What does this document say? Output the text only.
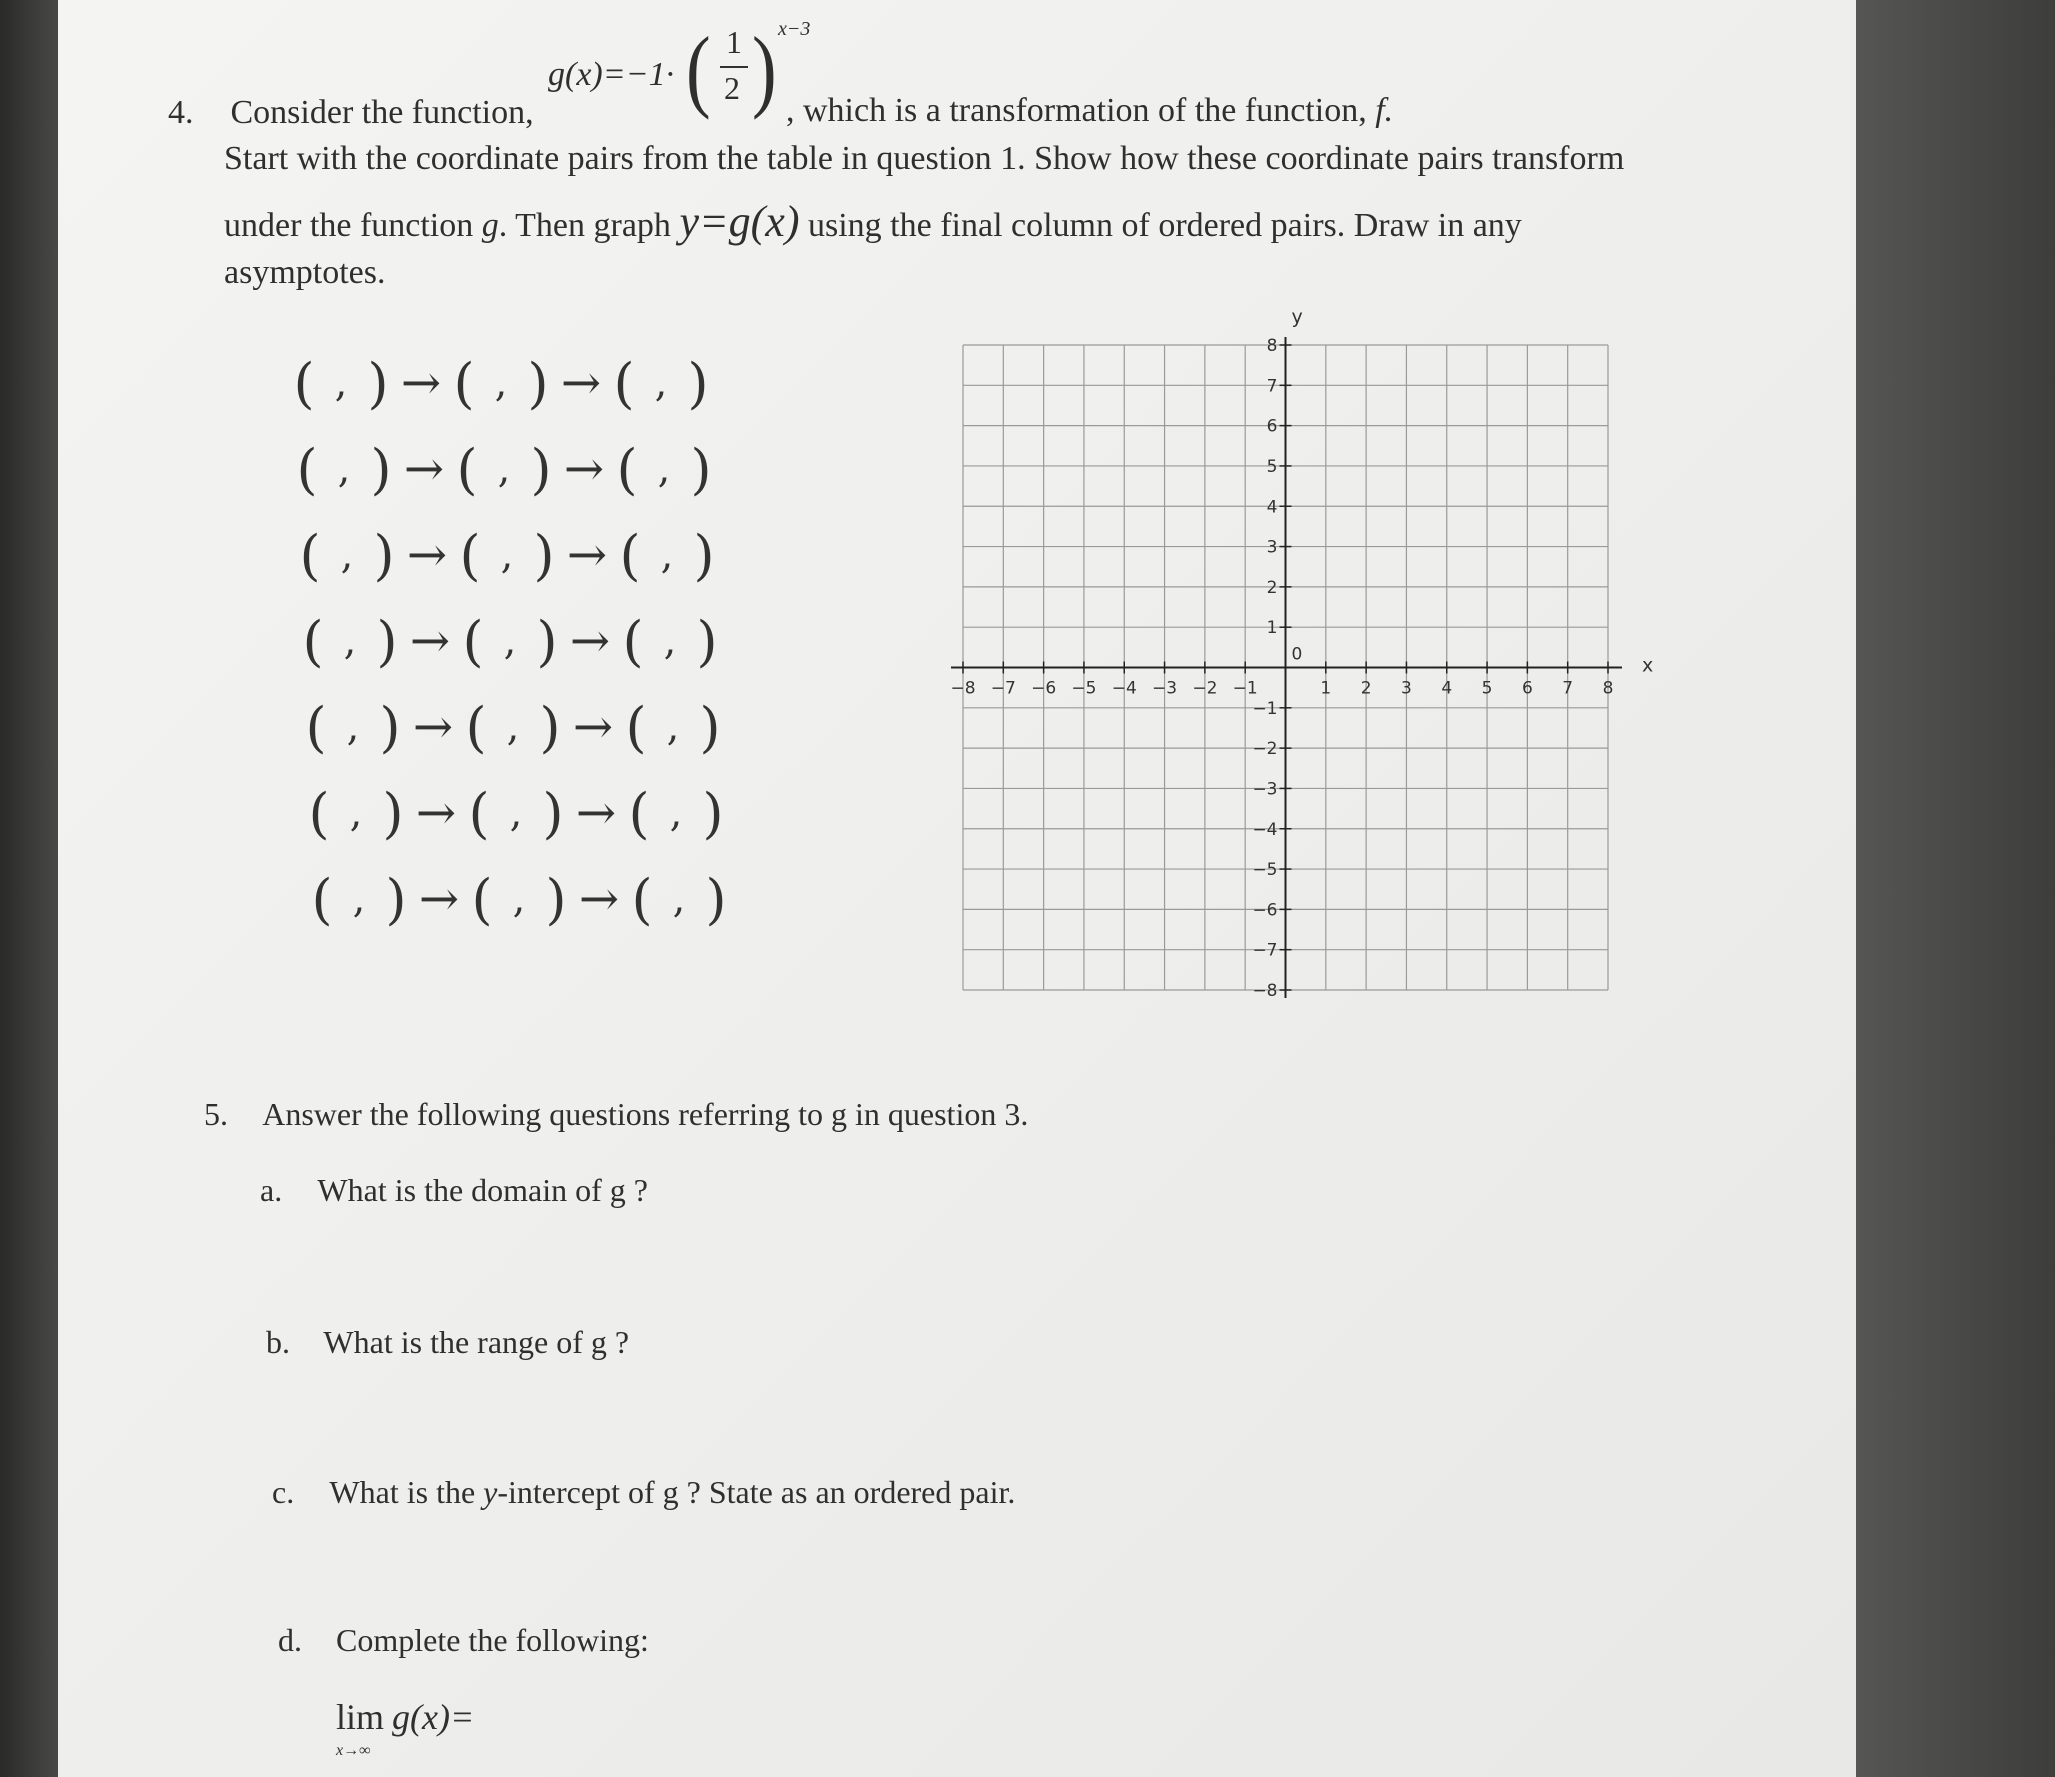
g(x)=−1· ( 1
2 ) x−3
4. Consider the function,	, which is a transformation of the function, f.
Start with the coordinate pairs from the table in question 1. Show how these coordinate pairs transform
under the function g. Then graph y=g(x) using the final column of ordered pairs. Draw in any
asymptotes.
( , ) → ( , ) → ( , )
( , ) → ( , ) → ( , )
( , ) → ( , ) → ( , )
( , ) → ( , ) → ( , )
( , ) → ( , ) → ( , )
( , ) → ( , ) → ( , )
( , ) → ( , ) → ( , )
x
y
0
−8 −7 −6 −5 −4 −3 −2 −1	1 2 3 4 5 6 7 8
8
7
6
5
4
3
2
1
−1
−2
−3
−4
−5
−6
−7
−8
5. Answer the following questions referring to g in question 3.
a. What is the domain of g ?
b. What is the range of g ?
c. What is the y-intercept of g ? State as an ordered pair.
d. Complete the following:
lim g(x)=
x→∞
